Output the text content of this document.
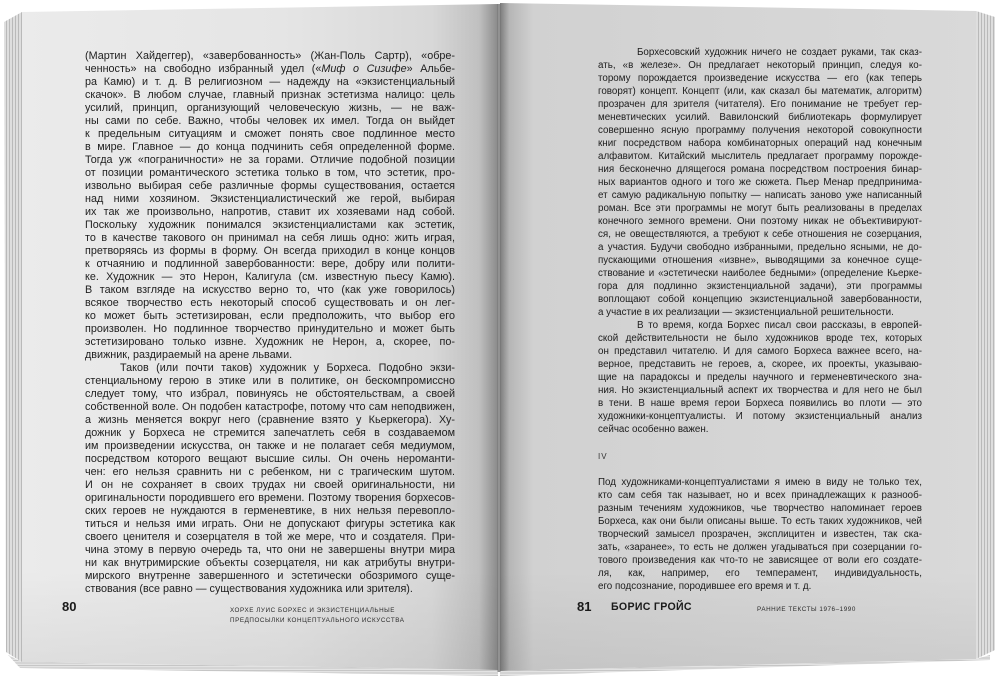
(Мартин Хайдеггер), «завербованность» (Жан-Поль Сартр), «обре-
ченность» на свободно избранный удел («Миф о Сизифе» Альбе-
ра Камю) и т. д. В религиозном — надежду на «экзистенциальный
скачок». В любом случае, главный признак эстетизма налицо: цель
усилий, принцип, организующий человеческую жизнь, — не важ-
ны сами по себе. Важно, чтобы человек их имел. Тогда он выйдет
к предельным ситуациям и сможет понять свое подлинное место
в мире. Главное — до конца подчинить себя определенной форме.
Тогда уж «пограничности» не за горами. Отличие подобной позиции
от позиции романтического эстетика только в том, что эстетик, про-
извольно выбирая себе различные формы существования, остается
над ними хозяином. Экзистенциалистический же герой, выбирая
их так же произвольно, напротив, ставит их хозяевами над собой.
Поскольку художник понимался экзистенциалистами как эстетик,
то в качестве такового он принимал на себя лишь одно: жить играя,
претворяясь из формы в форму. Он всегда приходил в конце концов
к отчаянию и подлинной завербованности: вере, добру или полити-
ке. Художник — это Нерон, Калигула (см. известную пьесу Камю).
В таком взгляде на искусство верно то, что (как уже говорилось)
всякое творчество есть некоторый способ существовать и он лег-
ко может быть эстетизирован, если предположить, что выбор его
произволен. Но подлинное творчество принудительно и может быть
эстетизировано только извне. Художник не Нерон, а, скорее, по-
движник, раздираемый на арене львами.
Таков (или почти таков) художник у Борхеса. Подобно экзи-
стенциальному герою в этике или в политике, он бескомпромиссно
следует тому, что избрал, повинуясь не обстоятельствам, а своей
собственной воле. Он подобен катастрофе, потому что сам неподвижен,
а жизнь меняется вокруг него (сравнение взято у Кьеркегора). Ху-
дожник у Борхеса не стремится запечатлеть себя в создаваемом
им произведении искусства, он также и не полагает себя медиумом,
посредством которого вещают высшие силы. Он очень нероманти-
чен: его нельзя сравнить ни с ребенком, ни с трагическим шутом.
И он не сохраняет в своих трудах ни своей оригинальности, ни
оригинальности породившего его времени. Поэтому творения борхесов-
ских героев не нуждаются в герменевтике, в них нельзя перевопло-
титься и нельзя ими играть. Они не допускают фигуры эстетика как
своего ценителя и созерцателя в той же мере, что и создателя. При-
чина этому в первую очередь та, что они не завершены внутри мира
ни как внутримирские объекты созерцателя, ни как атрибуты внутри-
мирского внутренне завершенного и эстетически обозримого суще-
ствования (все равно — существования художника или зрителя).
80	ХОРХЕ ЛУИС БОРХЕС И ЭКЗИСТЕНЦИАЛЬНЫЕ
ПРЕДПОСЫЛКИ КОНЦЕПТУАЛЬНОГО ИСКУССТВА
Борхесовский художник ничего не создает руками, так сказ-
ать, «в железе». Он предлагает некоторый принцип, следуя ко-
торому порождается произведение искусства — его (как теперь
говорят) концепт. Концепт (или, как сказал бы математик, алгоритм)
прозрачен для зрителя (читателя). Его понимание не требует гер-
меневтических усилий. Вавилонский библиотекарь формулирует
совершенно ясную программу получения некоторой совокупности
книг посредством набора комбинаторных операций над конечным
алфавитом. Китайский мыслитель предлагает программу порожде-
ния бесконечно длящегося романа посредством построения бинар-
ных вариантов одного и того же сюжета. Пьер Менар предпринима-
ет самую радикальную попытку — написать заново уже написанный
роман. Все эти программы не могут быть реализованы в пределах
конечного земного времени. Они поэтому никак не объективируют-
ся, не овеществляются, а требуют к себе отношения не созерцания,
а участия. Будучи свободно избранными, предельно ясными, не до-
пускающими отношения «извне», выводящими за конечное суще-
ствование и «эстетически наиболее бедными» (определение Кьерке-
гора для подлинно экзистенциальной задачи), эти программы
воплощают собой концепцию экзистенциальной завербованности,
а участие в их реализации — экзистенциальной решительности.
В то время, когда Борхес писал свои рассказы, в европей-
ской действительности не было художников вроде тех, которых
он представил читателю. И для самого Борхеса важнее всего, на-
верное, представить не героев, а, скорее, их проекты, указываю-
щие на парадоксы и пределы научного и герменевтического зна-
ния. Но экзистенциальный аспект их творчества и для него не был
в тени. В наше время герои Борхеса появились во плоти — это
художники-концептуалисты. И потому экзистенциальный анализ
сейчас особенно важен.
IV
Под художниками-концептуалистами я имею в виду не только тех,
кто сам себя так называет, но и всех принадлежащих к разнооб-
разным течениям художников, чье творчество напоминает героев
Борхеса, как они были описаны выше. То есть таких художников, чей
творческий замысел прозрачен, эксплицитен и известен, так ска-
зать, «заранее», то есть не должен угадываться при созерцании го-
тового произведения как что-то не зависящее от воли его создате-
ля, как, например, его темперамент, индивидуальность,
его подсознание, породившее его время и т. д.
81 БОРИС ГРОЙС	РАННИЕ ТЕКСТЫ 1976–1990
